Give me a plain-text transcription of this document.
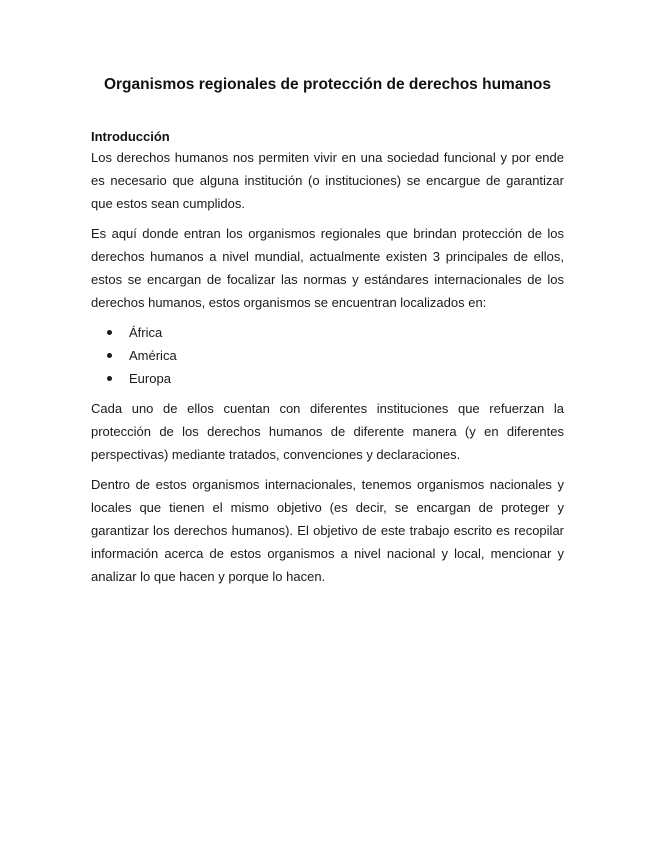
Organismos regionales de protección de derechos humanos
Introducción

Los derechos humanos nos permiten vivir en una sociedad funcional y por ende es necesario que alguna institución (o instituciones) se encargue de garantizar que estos sean cumplidos.

Es aquí donde entran los organismos regionales que brindan protección de los derechos humanos a nivel mundial, actualmente existen 3 principales de ellos, estos se encargan de focalizar las normas y estándares internacionales de los derechos humanos, estos organismos se encuentran localizados en:

África
América
Europa

Cada uno de ellos cuentan con diferentes instituciones que refuerzan la protección de los derechos humanos de diferente manera (y en diferentes perspectivas) mediante tratados, convenciones y declaraciones.

Dentro de estos organismos internacionales, tenemos organismos nacionales y locales que tienen el mismo objetivo (es decir, se encargan de proteger y garantizar los derechos humanos). El objetivo de este trabajo escrito es recopilar información acerca de estos organismos a nivel nacional y local, mencionar y analizar lo que hacen y porque lo hacen.
